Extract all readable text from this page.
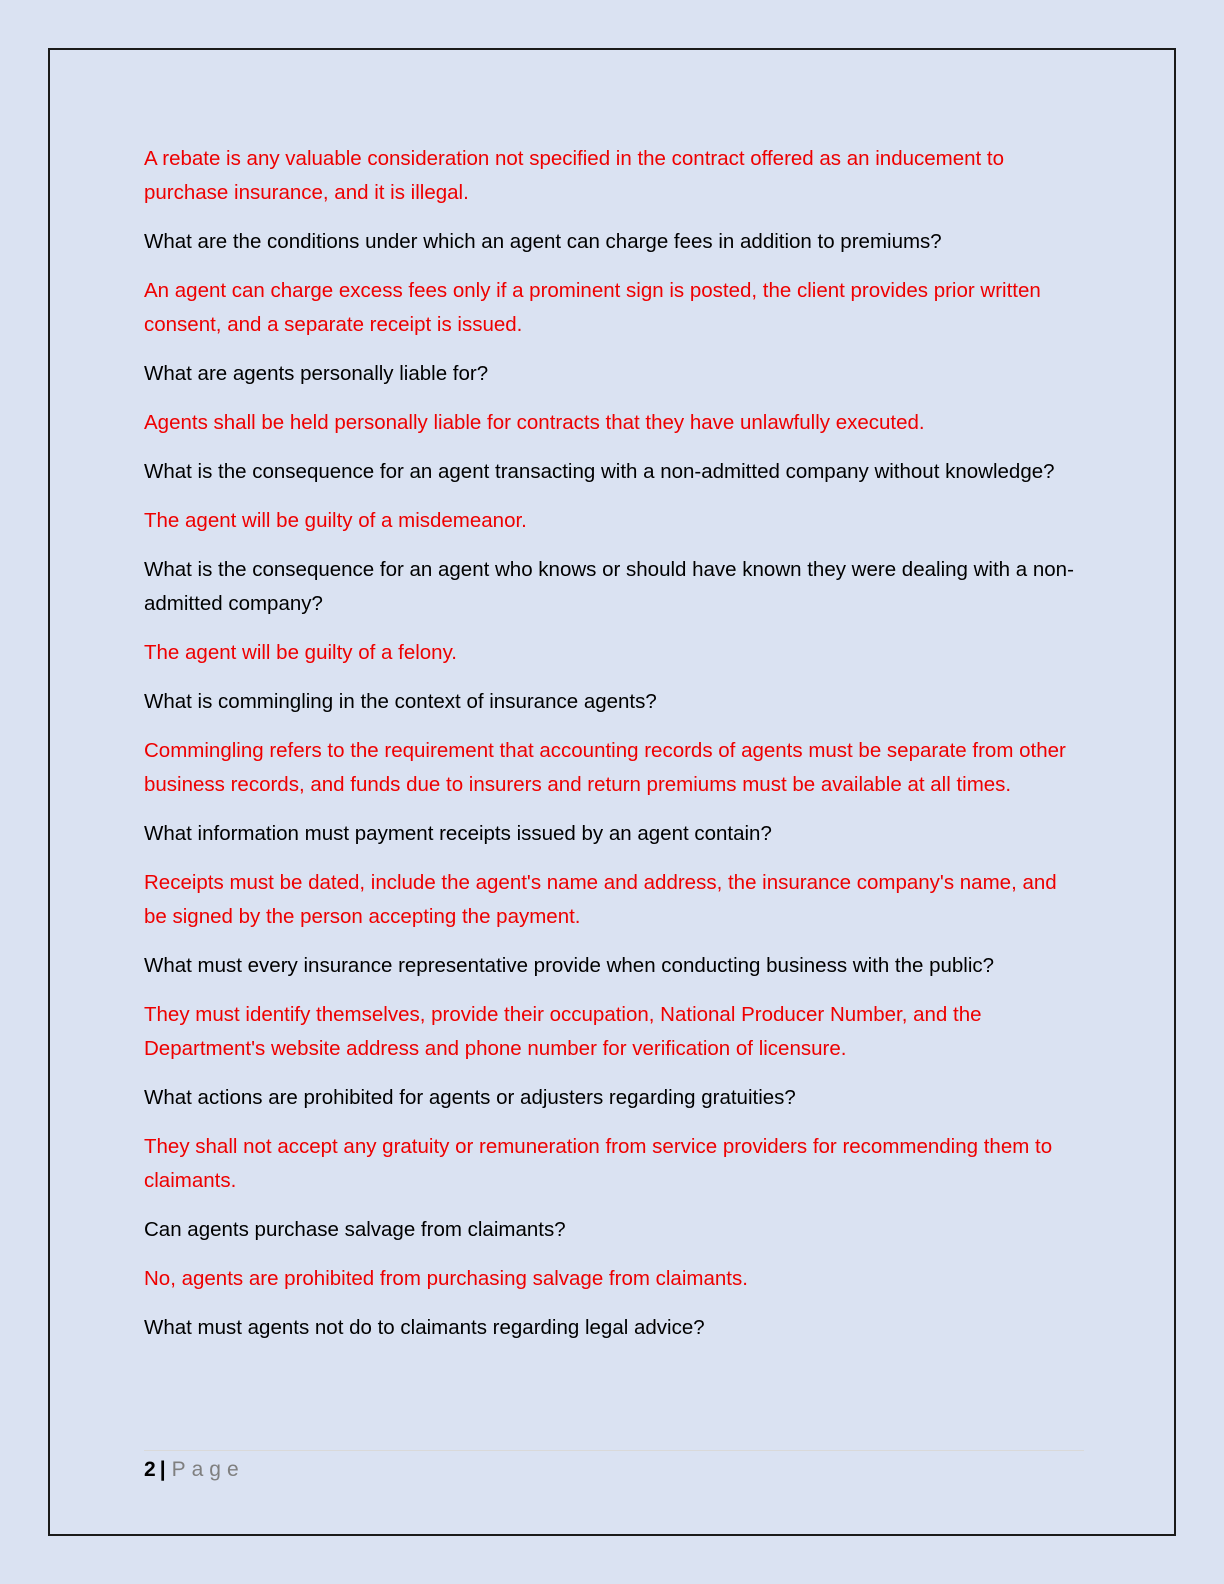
A rebate is any valuable consideration not specified in the contract offered as an inducement to purchase insurance, and it is illegal.

What are the conditions under which an agent can charge fees in addition to premiums?

An agent can charge excess fees only if a prominent sign is posted, the client provides prior written consent, and a separate receipt is issued.

What are agents personally liable for?

Agents shall be held personally liable for contracts that they have unlawfully executed.

What is the consequence for an agent transacting with a non-admitted company without knowledge?

The agent will be guilty of a misdemeanor.

What is the consequence for an agent who knows or should have known they were dealing with a non-admitted company?

The agent will be guilty of a felony.

What is commingling in the context of insurance agents?

Commingling refers to the requirement that accounting records of agents must be separate from other business records, and funds due to insurers and return premiums must be available at all times.

What information must payment receipts issued by an agent contain?

Receipts must be dated, include the agent's name and address, the insurance company's name, and be signed by the person accepting the payment.

What must every insurance representative provide when conducting business with the public?

They must identify themselves, provide their occupation, National Producer Number, and the Department's website address and phone number for verification of licensure.

What actions are prohibited for agents or adjusters regarding gratuities?

They shall not accept any gratuity or remuneration from service providers for recommending them to claimants.

Can agents purchase salvage from claimants?

No, agents are prohibited from purchasing salvage from claimants.

What must agents not do to claimants regarding legal advice?

2 | Page
